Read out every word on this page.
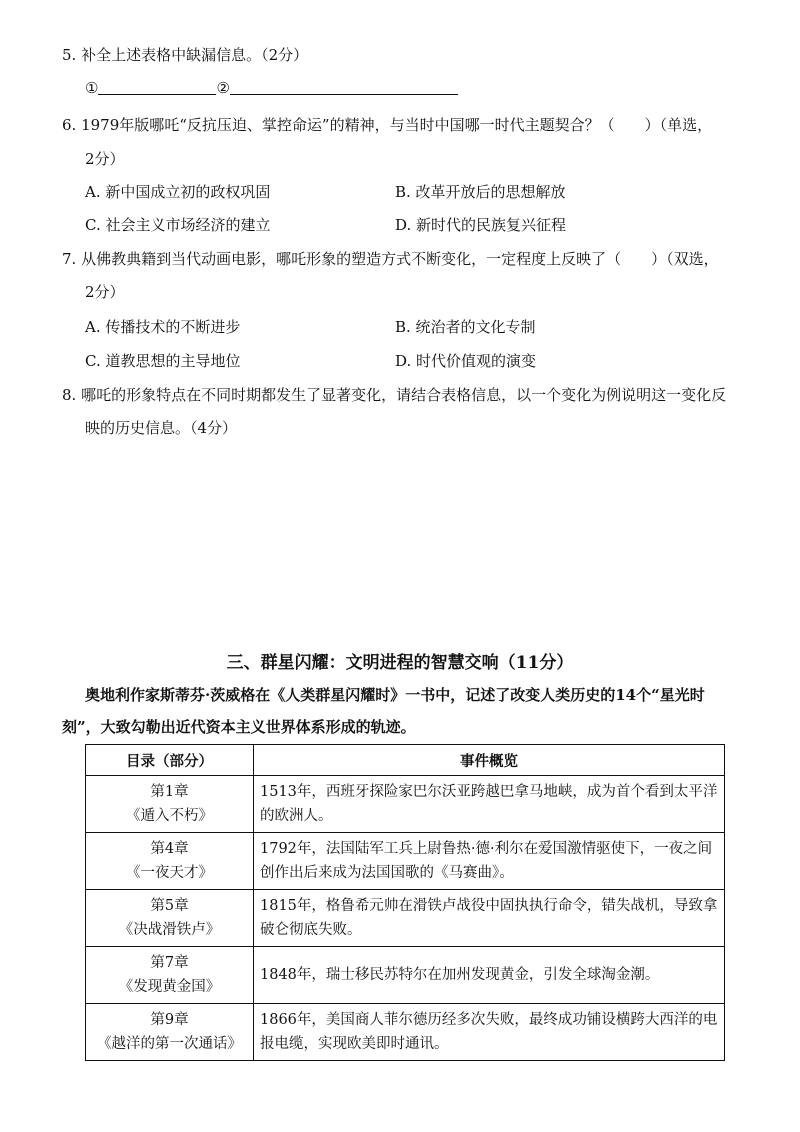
5. 补全上述表格中缺漏信息。（2分）
①	②
6. 1979年版哪吒“反抗压迫、掌控命运”的精神，与当时中国哪一时代主题契合？（　　）（单选，
2分）
A. 新中国成立初的政权巩固	B. 改革开放后的思想解放
C. 社会主义市场经济的建立	D. 新时代的民族复兴征程
7. 从佛教典籍到当代动画电影，哪吒形象的塑造方式不断变化，一定程度上反映了（　　）（双选，
2分）
A. 传播技术的不断进步	B. 统治者的文化专制
C. 道教思想的主导地位	D. 时代价值观的演变
8. 哪吒的形象特点在不同时期都发生了显著变化，请结合表格信息，以一个变化为例说明这一变化反
映的历史信息。（4分）
三、群星闪耀：文明进程的智慧交响（11分）
奥地利作家斯蒂芬·茨威格在《人类群星闪耀时》一书中，记述了改变人类历史的14个“星光时
刻”，大致勾勒出近代资本主义世界体系形成的轨迹。
目录（部分）	事件概览

第1章
《遁入不朽》	1513年，西班牙探险家巴尔沃亚跨越巴拿马地峡，成为首个看到太平洋的欧洲人。

第4章
《一夜天才》	1792年，法国陆军工兵上尉鲁热·德·利尔在爱国激情驱使下，一夜之间创作出后来成为法国国歌的《马赛曲》。

第5章
《决战滑铁卢》	1815年，格鲁希元帅在滑铁卢战役中固执执行命令，错失战机，导致拿破仑彻底失败。

第7章
《发现黄金国》	1848年，瑞士移民苏特尔在加州发现黄金，引发全球淘金潮。

第9章
《越洋的第一次通话》	1866年，美国商人菲尔德历经多次失败，最终成功铺设横跨大西洋的电报电缆，实现欧美即时通讯。
